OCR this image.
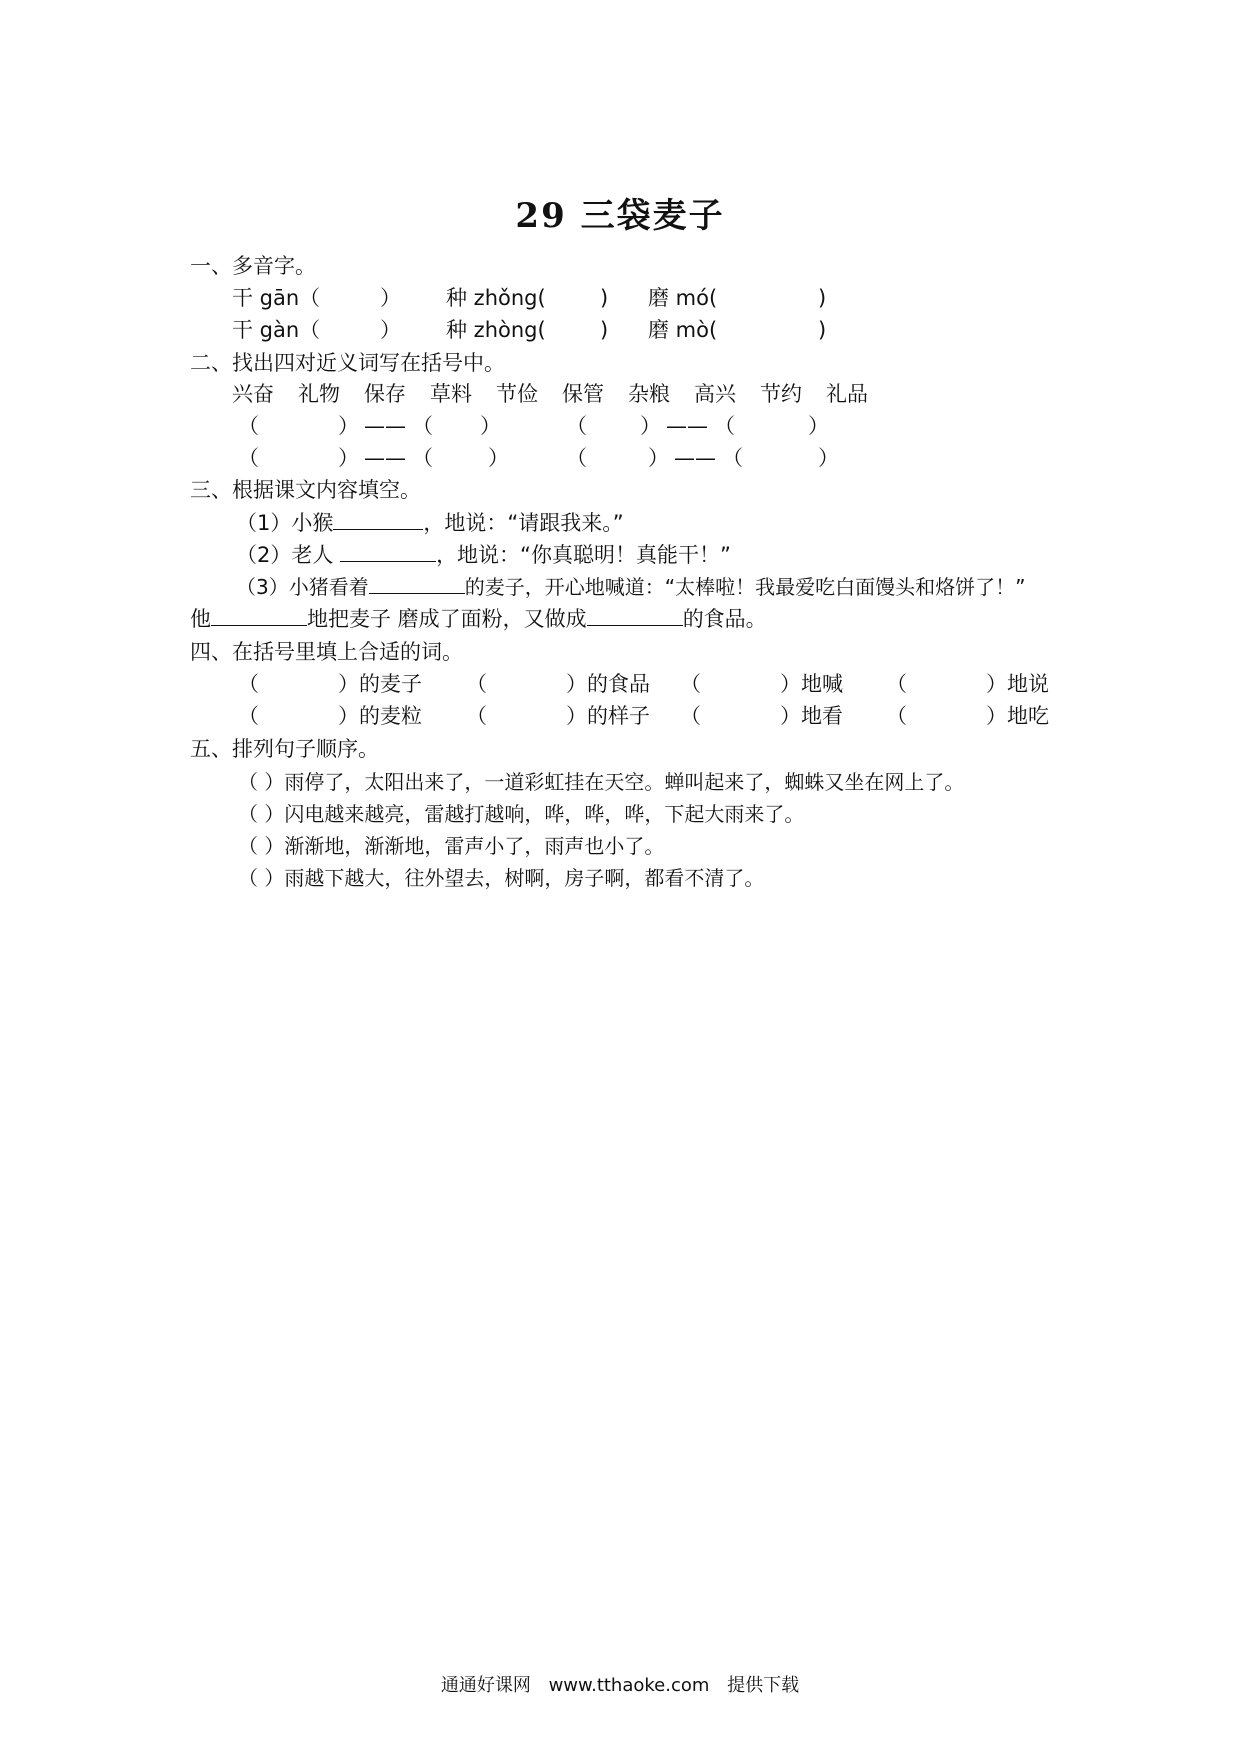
29 三袋麦子
一、多音字。
干 gān（	） 种 zhǒng(	) 磨 mó(	)
干 gàn（	） 种 zhòng(	) 磨 mò(	)
二、找出四对近义词写在括号中。
兴奋 礼物 保存 草料 节俭 保管 杂粮 高兴 节约 礼品
（	） —— （ ）	（	） —— （	）
（	） —— （	）	（	） —— （	）
三、根据课文内容填空。
（1）小猴	，地说：“请跟我来。”
（2）老人	，地说：“你真聪明！真能干！”
（3）小猪看着	的麦子，开心地喊道：“太棒啦！我最爱吃白面馒头和烙饼了！”
他	地把麦子 磨成了面粉，又做成	的食品。
四、在括号里填上合适的词。
（	）的麦子 （	）的食品 （	）地喊 （	）地说
（	）的麦粒 （	）的样子 （	）地看 （	）地吃
五、排列句子顺序。
（ ）雨停了，太阳出来了，一道彩虹挂在天空。蝉叫起来了，蜘蛛又坐在网上了。
（ ）闪电越来越亮，雷越打越响，哗，哗，哗，下起大雨来了。
（ ）渐渐地，渐渐地，雷声小了，雨声也小了。
（ ）雨越下越大，往外望去，树啊，房子啊，都看不清了。
通通好课网 www.tthaoke.com 提供下载
